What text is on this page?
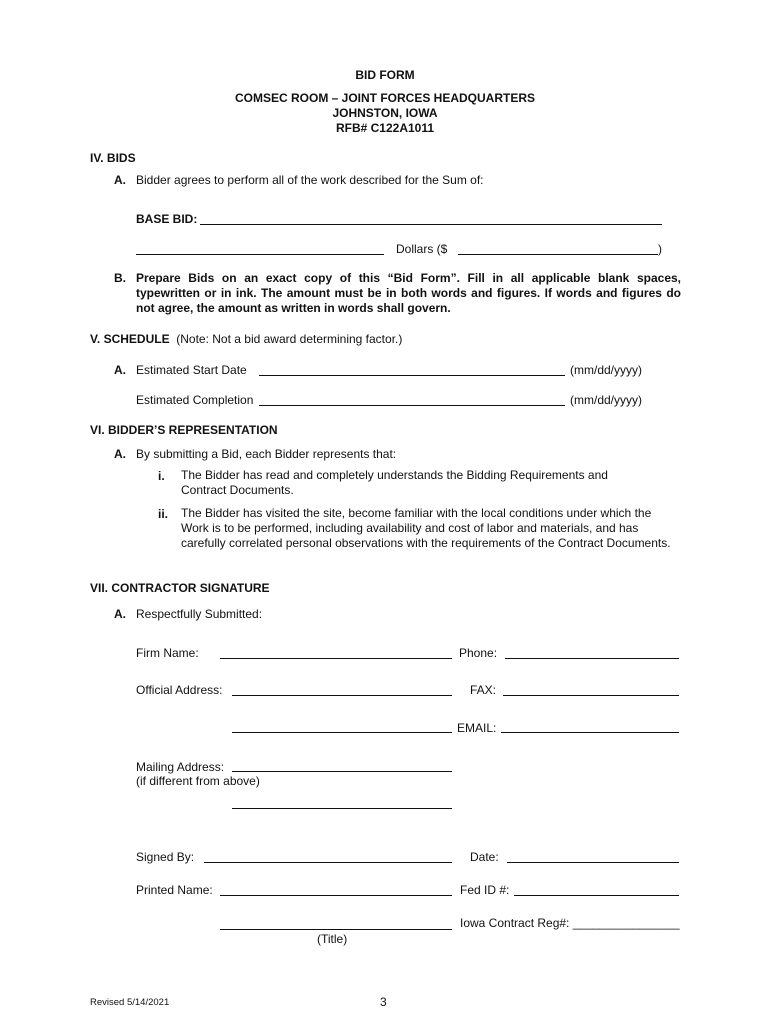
BID FORM
COMSEC ROOM – JOINT FORCES HEADQUARTERS
JOHNSTON, IOWA
RFB# C122A1011
IV. BIDS
A. Bidder agrees to perform all of the work described for the Sum of:
BASE BID:
Dollars ($	)
B. Prepare Bids on an exact copy of this “Bid Form”. Fill in all applicable blank spaces, typewritten or in ink. The amount must be in both words and figures. If words and figures do not agree, the amount as written in words shall govern.
V. SCHEDULE (Note: Not a bid award determining factor.)
A. Estimated Start Date	(mm/dd/yyyy)
Estimated Completion	(mm/dd/yyyy)
VI. BIDDER’S REPRESENTATION
A. By submitting a Bid, each Bidder represents that:
i. The Bidder has read and completely understands the Bidding Requirements and Contract Documents.
ii. The Bidder has visited the site, become familiar with the local conditions under which the Work is to be performed, including availability and cost of labor and materials, and has carefully correlated personal observations with the requirements of the Contract Documents.
VII. CONTRACTOR SIGNATURE
A. Respectfully Submitted:
Firm Name:	Phone:
Official Address:	FAX:
EMAIL:
Mailing Address:
(if different from above)
Signed By:	Date:
Printed Name:	Fed ID #:
Iowa Contract Reg#: ________________
(Title)
Revised 5/14/2021	3
